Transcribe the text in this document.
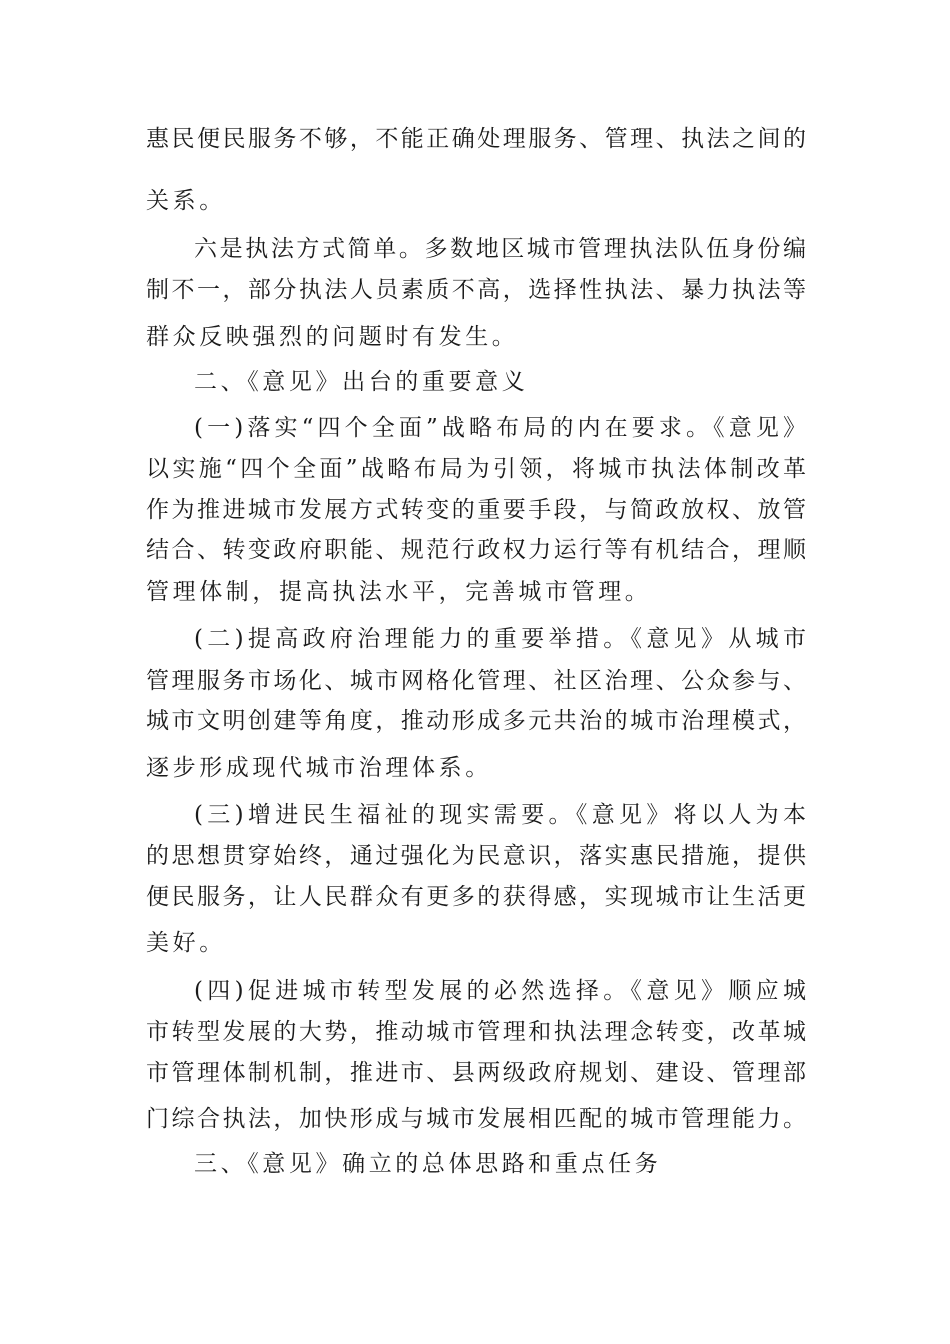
惠民便民服务不够，不能正确处理服务、管理、执法之间的
关系。
六是执法方式简单。多数地区城市管理执法队伍身份编
制不一，部分执法人员素质不高，选择性执法、暴力执法等
群众反映强烈的问题时有发生。
二、《意见》出台的重要意义
(一)落实“四个全面”战略布局的内在要求。《意见》
以实施“四个全面”战略布局为引领，将城市执法体制改革
作为推进城市发展方式转变的重要手段，与简政放权、放管
结合、转变政府职能、规范行政权力运行等有机结合，理顺
管理体制，提高执法水平，完善城市管理。
(二)提高政府治理能力的重要举措。《意见》从城市
管理服务市场化、城市网格化管理、社区治理、公众参与、
城市文明创建等角度，推动形成多元共治的城市治理模式，
逐步形成现代城市治理体系。
(三)增进民生福祉的现实需要。《意见》将以人为本
的思想贯穿始终，通过强化为民意识，落实惠民措施，提供
便民服务，让人民群众有更多的获得感，实现城市让生活更
美好。
(四)促进城市转型发展的必然选择。《意见》顺应城
市转型发展的大势，推动城市管理和执法理念转变，改革城
市管理体制机制，推进市、县两级政府规划、建设、管理部
门综合执法，加快形成与城市发展相匹配的城市管理能力。
三、《意见》确立的总体思路和重点任务
